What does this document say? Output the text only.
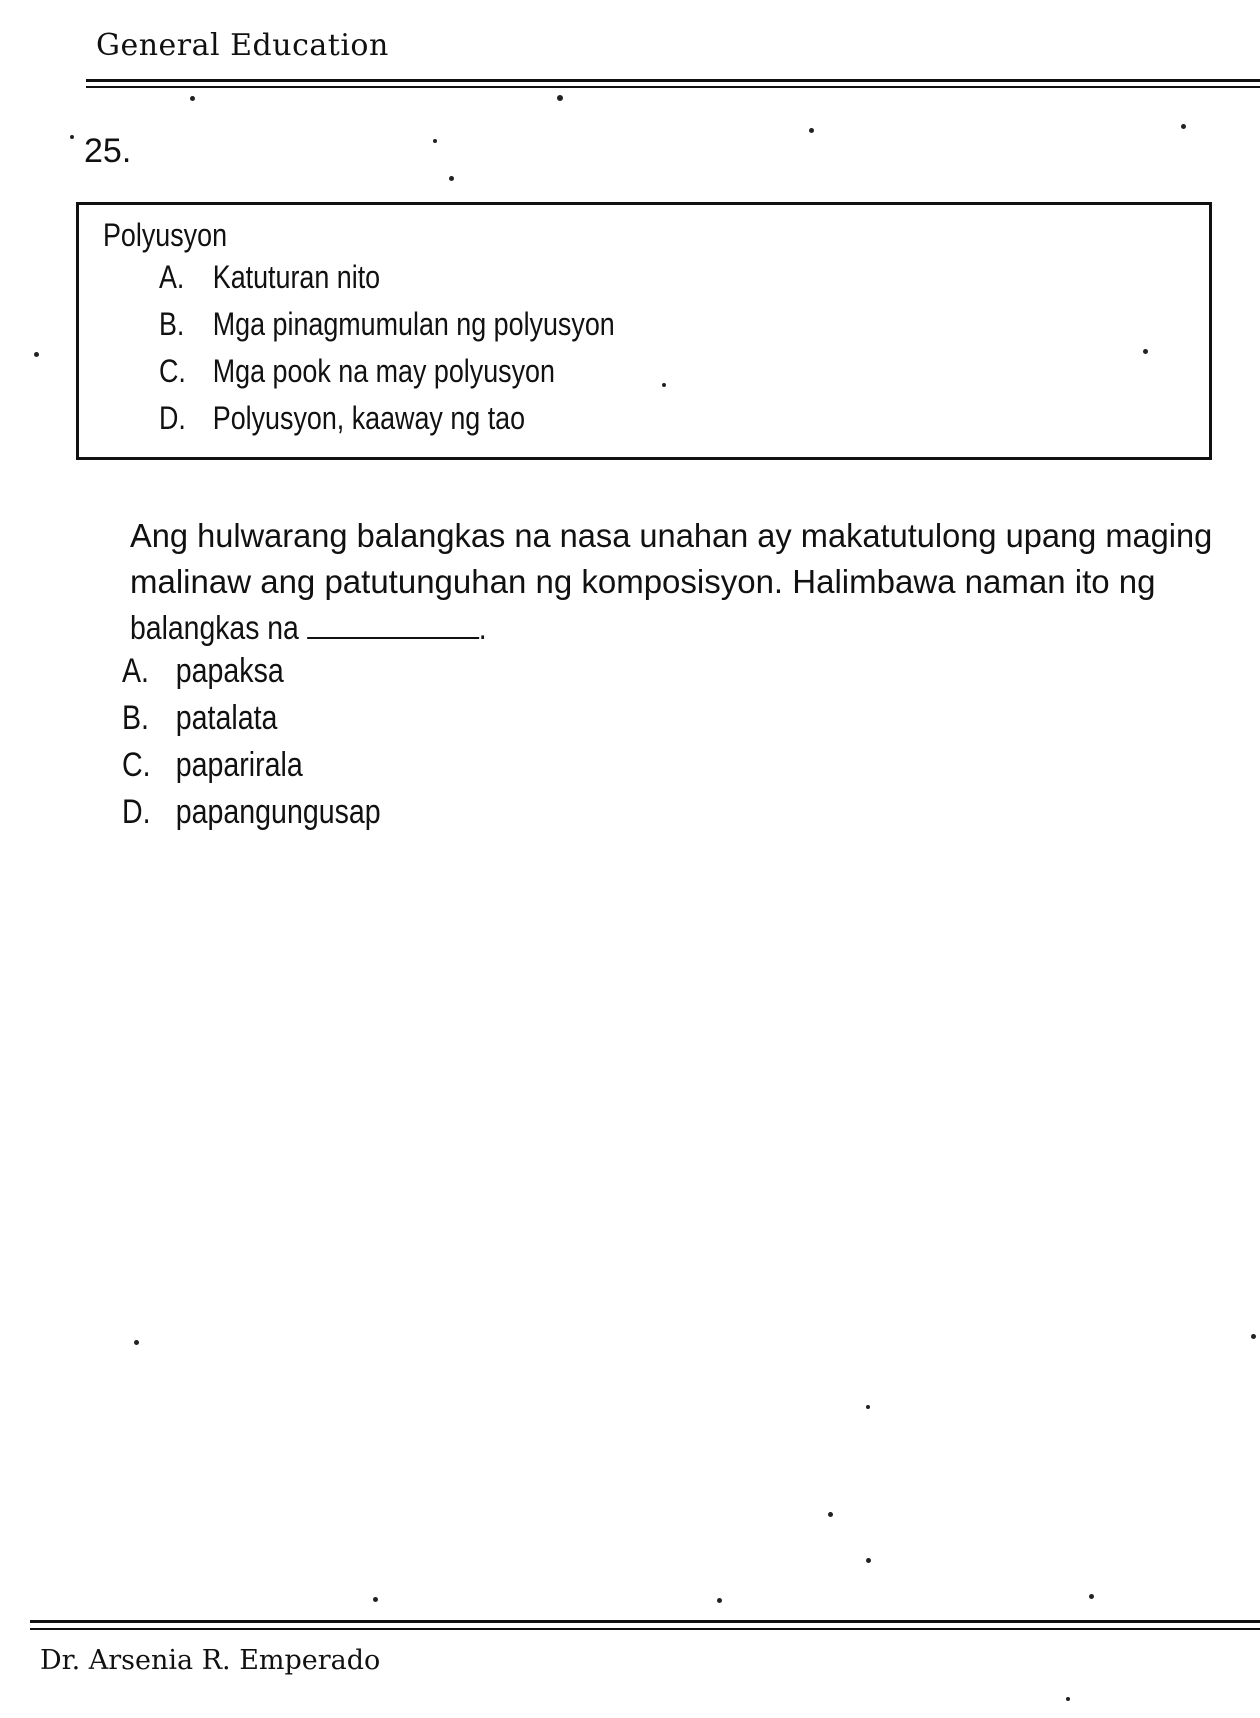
General Education
25.
Polyusyon
A. Katuturan nito
B. Mga pinagmumulan ng polyusyon
C. Mga pook na may polyusyon
D. Polyusyon, kaaway ng tao
Ang hulwarang balangkas na nasa unahan ay makatutulong upang maging
malinaw ang patutunguhan ng komposisyon. Halimbawa naman ito ng
balangkas na	.
A. papaksa
B. patalata
C. paparirala
D. papangungusap
Dr. Arsenia R. Emperado
